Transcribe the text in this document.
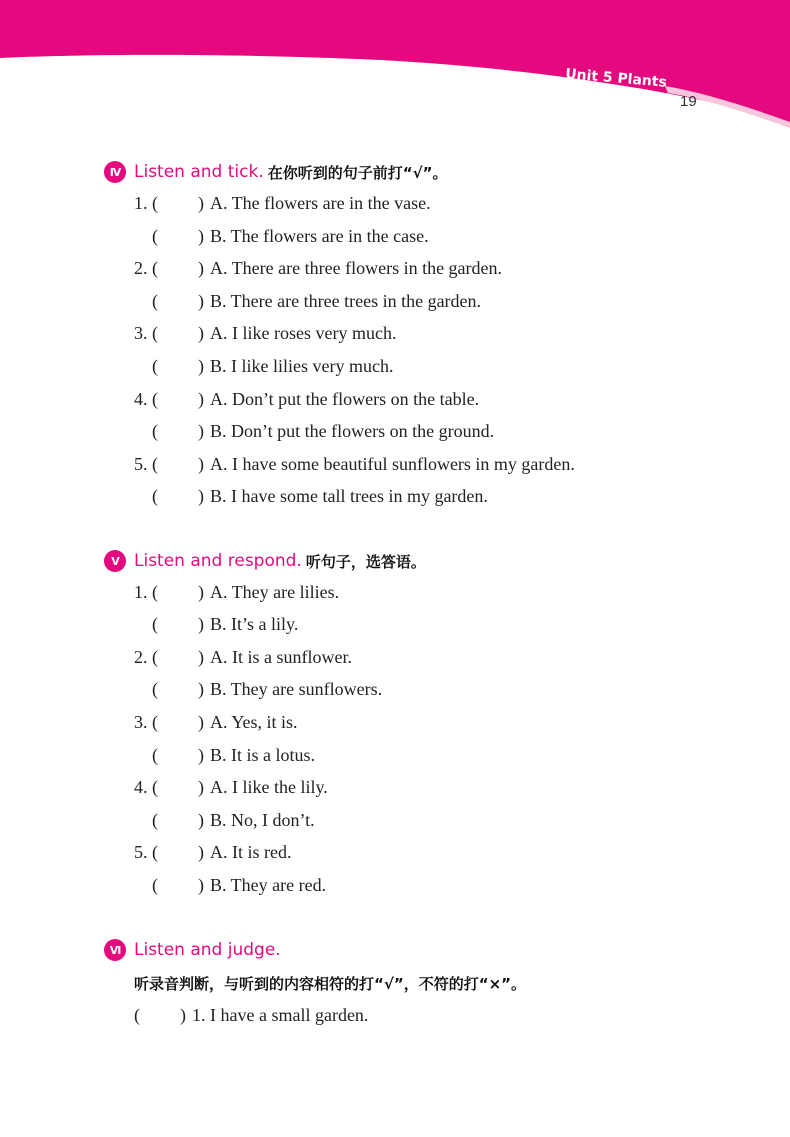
Unit 5 Plants
19
IV Listen and tick. 在你听到的句子前打“√”。
1. ( ) A. The flowers are in the vase.
( ) B. The flowers are in the case.
2. ( ) A. There are three flowers in the garden.
( ) B. There are three trees in the garden.
3. ( ) A. I like roses very much.
( ) B. I like lilies very much.
4. ( ) A. Don’t put the flowers on the table.
( ) B. Don’t put the flowers on the ground.
5. ( ) A. I have some beautiful sunflowers in my garden.
( ) B. I have some tall trees in my garden.
V Listen and respond. 听句子，选答语。
1. ( ) A. They are lilies.
( ) B. It’s a lily.
2. ( ) A. It is a sunflower.
( ) B. They are sunflowers.
3. ( ) A. Yes, it is.
( ) B. It is a lotus.
4. ( ) A. I like the lily.
( ) B. No, I don’t.
5. ( ) A. It is red.
( ) B. They are red.
VI Listen and judge.
听录音判断，与听到的内容相符的打“√”，不符的打“×”。
( ) 1. I have a small garden.
